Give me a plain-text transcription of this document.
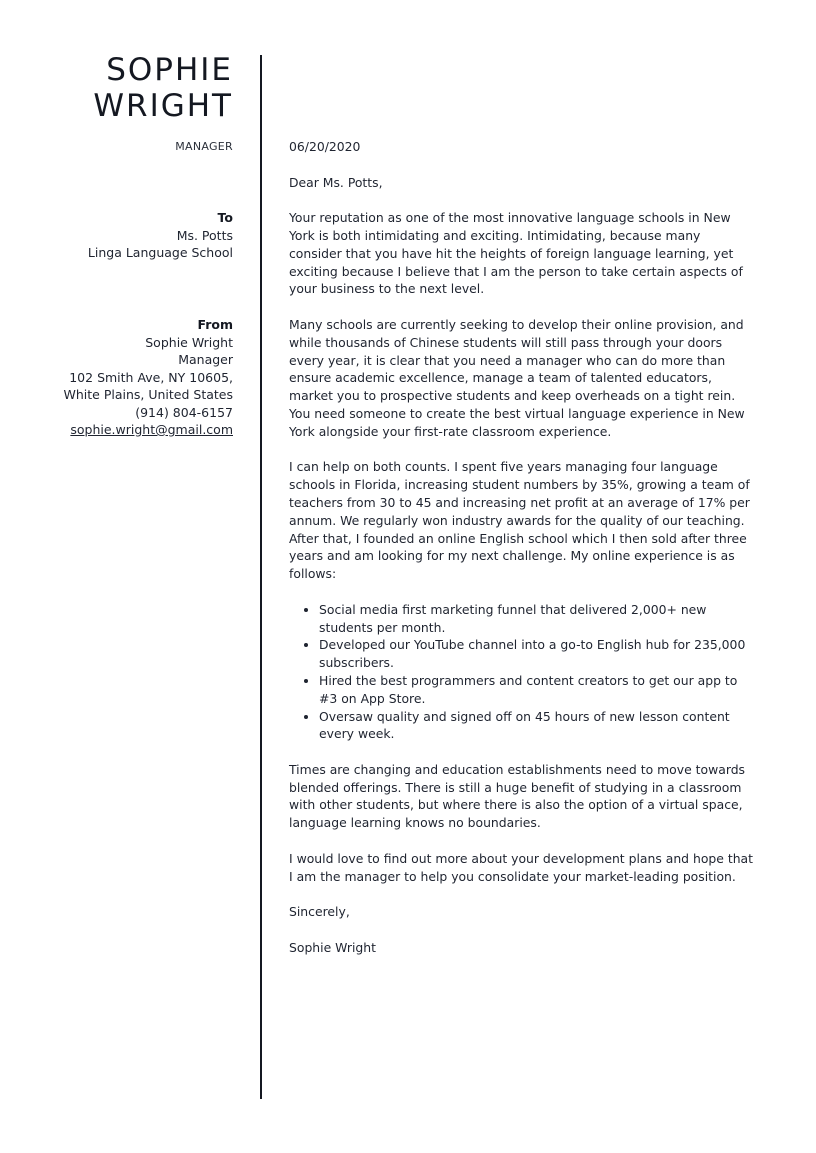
SOPHIE
WRIGHT
MANAGER
To
Ms. Potts
Linga Language School
From
Sophie Wright
Manager
102 Smith Ave, NY 10605, White Plains, United States
(914) 804-6157
sophie.wright@gmail.com

06/20/2020

Dear Ms. Potts,

Your reputation as one of the most innovative language schools in New York is both intimidating and exciting. Intimidating, because many consider that you have hit the heights of foreign language learning, yet exciting because I believe that I am the person to take certain aspects of your business to the next level.

Many schools are currently seeking to develop their online provision, and while thousands of Chinese students will still pass through your doors every year, it is clear that you need a manager who can do more than ensure academic excellence, manage a team of talented educators, market you to prospective students and keep overheads on a tight rein. You need someone to create the best virtual language experience in New York alongside your first-rate classroom experience.

I can help on both counts. I spent five years managing four language schools in Florida, increasing student numbers by 35%, growing a team of teachers from 30 to 45 and increasing net profit at an average of 17% per annum. We regularly won industry awards for the quality of our teaching. After that, I founded an online English school which I then sold after three years and am looking for my next challenge. My online experience is as follows:

• Social media first marketing funnel that delivered 2,000+ new students per month.
• Developed our YouTube channel into a go-to English hub for 235,000 subscribers.
• Hired the best programmers and content creators to get our app to #3 on App Store.
• Oversaw quality and signed off on 45 hours of new lesson content every week.

Times are changing and education establishments need to move towards blended offerings. There is still a huge benefit of studying in a classroom with other students, but where there is also the option of a virtual space, language learning knows no boundaries.

I would love to find out more about your development plans and hope that I am the manager to help you consolidate your market-leading position.

Sincerely,

Sophie Wright
